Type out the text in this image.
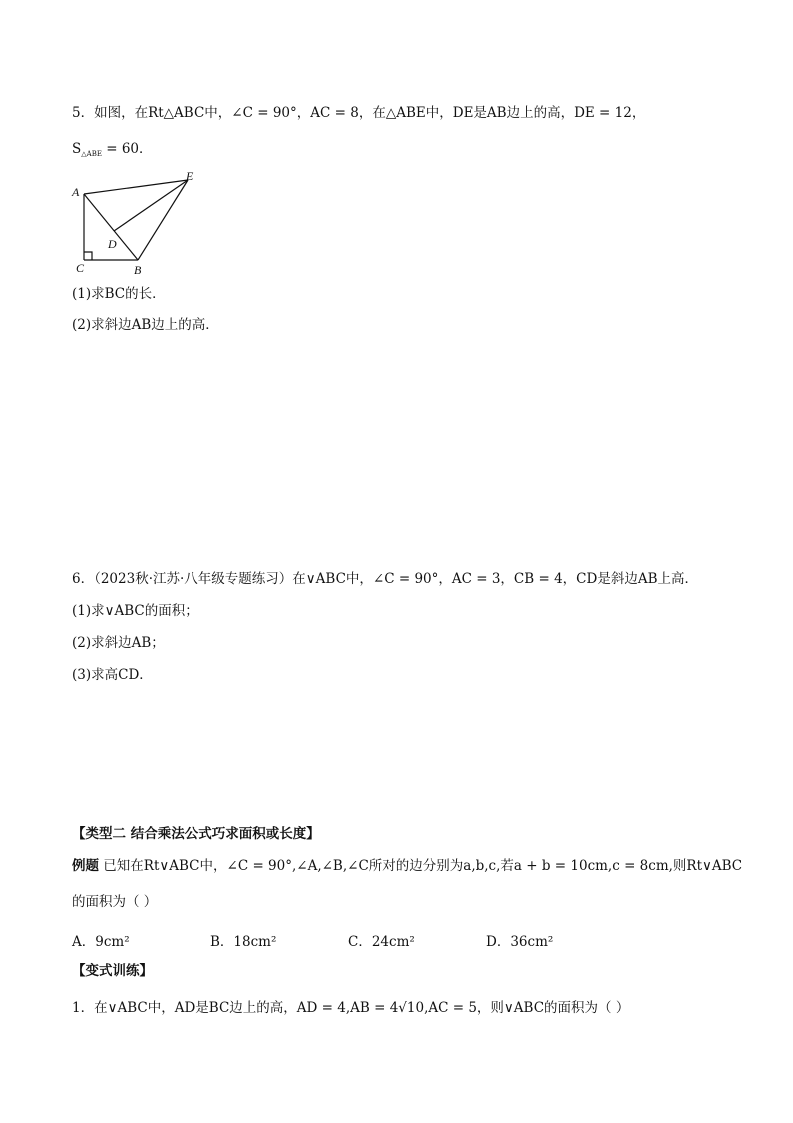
5．如图，在Rt△ABC中，∠C = 90°，AC = 8，在△ABE中，DE是AB边上的高，DE = 12，
$S_{\triangle ABE} = 60$．
A
E
D
C	B
(1)求BC的长．
(2)求斜边AB边上的高．
6．（2023秋·江苏·八年级专题练习）在∨ABC中，∠C = 90°，AC = 3，CB = 4，CD是斜边AB上高．
(1)求∨ABC的面积；
(2)求斜边AB；
(3)求高CD．
【类型二 结合乘法公式巧求面积或长度】
例题 已知在Rt∨ABC中，∠C = 90°,∠A,∠B,∠C所对的边分别为a,b,c,若a + b = 10cm,c = 8cm,则Rt∨ABC
的面积为（ ）
A．9cm²	B．18cm²	C．24cm²	D．36cm²
【变式训练】
1．在∨ABC中，AD是BC边上的高，AD = 4,AB = 4√10,AC = 5，则∨ABC的面积为（ ）
